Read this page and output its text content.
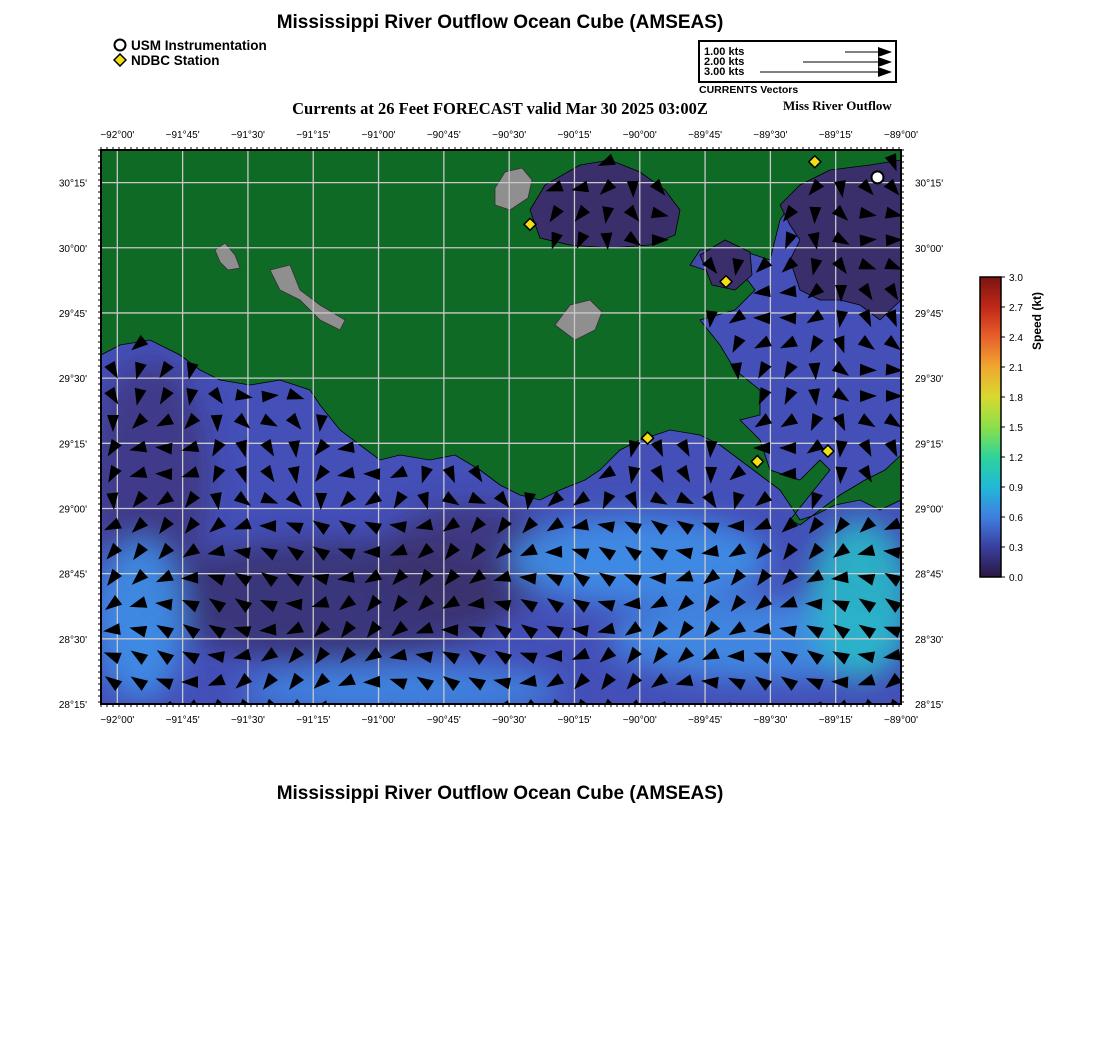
Mississippi River Outflow Ocean Cube (AMSEAS)
USM Instrumentation
NDBC Station
1.00 kts
2.00 kts
3.00 kts
CURRENTS Vectors
Currents at 26 Feet FORECAST valid Mar 30 2025 03:00Z	Miss River Outflow
−92°00'
−92°00'
−91°45'
−91°45'
−91°30'
−91°30'
−91°15'
−91°15'
−91°00'
−91°00'
−90°45'
−90°45'
−90°30'
−90°30'
−90°15'
−90°15'
−90°00'
−90°00'
−89°45'
−89°45'
−89°30'
−89°30'
−89°15'
−89°15'
−89°00'
−89°00'
30°15'	30°15'
30°00'	30°00'
29°45'	29°45'
29°30'	29°30'
29°15'	29°15'
29°00'	29°00'
28°45'	28°45'
28°30'	28°30'
28°15'	28°15'
3.0
2.7
2.4
2.1
1.8
1.5
1.2
0.9
0.6
0.3
0.0
Speed (kt)
Mississippi River Outflow Ocean Cube (AMSEAS)
